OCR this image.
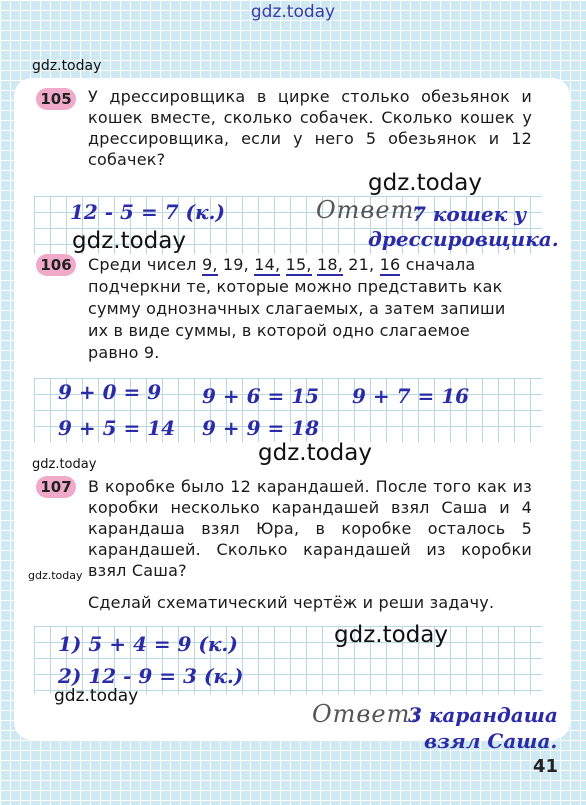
gdz.today
gdz.today
105 У дрессировщика в цирке столько обезьянок и кошек вместе, сколько собачек. Сколько кошек у дрессировщика, если у него 5 обезьянок и 12 собачек?
gdz.today
12 - 5 = 7 (к.)	Ответ:
7 кошек у
дрессировщика.
gdz.today
106 Среди чисел 9, 19, 14, 15, 18, 21, 16 сначала
подчеркни те, которые можно представить как
сумму однозначных слагаемых, а затем запиши
их в виде суммы, в которой одно слагаемое
равно 9.
9 + 0 = 9 9 + 6 = 15 9 + 7 = 16
9 + 5 = 14 9 + 9 = 18
gdz.today
gdz.today
107 В коробке было 12 карандашей. После того как из коробки несколько карандашей взял Саша и 4 карандаша взял Юра, в коробке осталось 5 карандашей. Сколько карандашей из коробки взял Саша?
gdz.today
Сделай схематический чертёж и реши задачу.
gdz.today
1) 5 + 4 = 9 (к.)
2) 12 - 9 = 3 (к.)
gdz.today
Ответ:
3 карандаша
взял Саша.
41
